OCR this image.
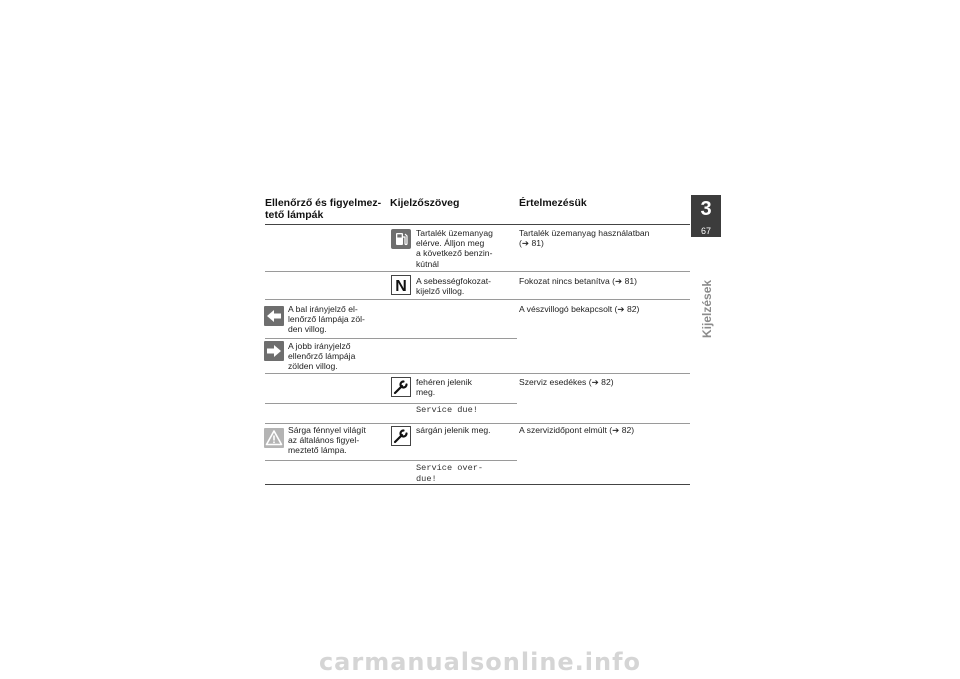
Ellenőrző és figyelmez-
tető lámpák
Kijelzőszöveg	Értelmezésük
Tartalék üzemanyag
elérve. Álljon meg
a következő benzin-
kútnál
Tartalék üzemanyag használatban
(➔ 81)
N A sebességfokozat-
kijelző villog.
Fokozat nincs betanítva (➔ 81)
A bal irányjelző el-
lenőrző lámpája zöl-
den villog.
A vészvillogó bekapcsolt (➔ 82)
A jobb irányjelző
ellenőrző lámpája
zölden villog.
fehéren jelenik
meg.
Szerviz esedékes (➔ 82)
Service due!
Sárga fénnyel világít
az általános figyel-
meztető lámpa.
sárgán jelenik meg.	A szervizidőpont elmúlt (➔ 82)
Service over-
due!
3
67
Kijelzések
carmanualsonline.info
